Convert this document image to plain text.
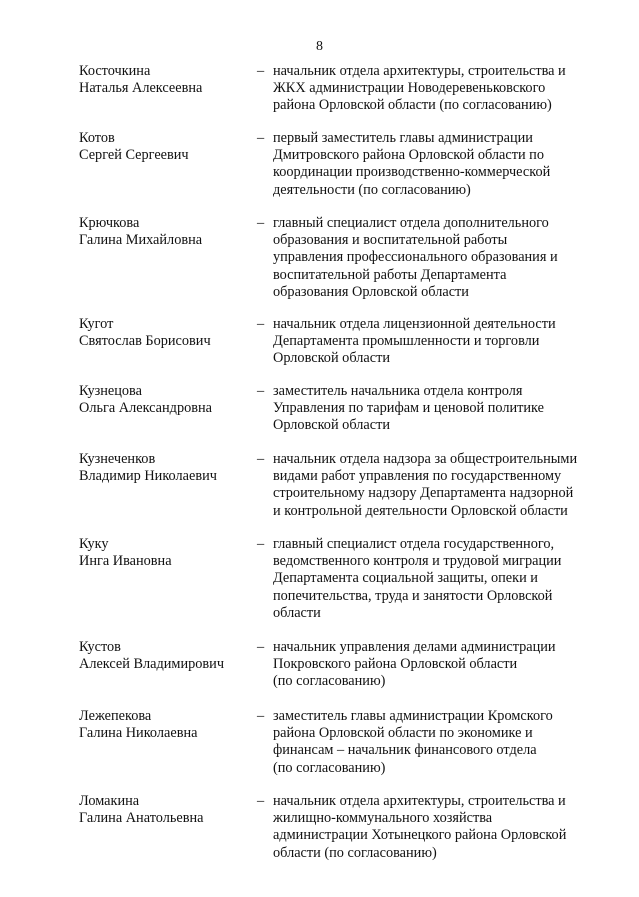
8
Косточкина
Наталья Алексеевна
– начальник отдела архитектуры, строительства и
ЖКХ администрации Новодеревеньковского
района Орловской области (по согласованию)
Котов
Сергей Сергеевич
– первый заместитель главы администрации
Дмитровского района Орловской области по
координации производственно-коммерческой
деятельности (по согласованию)
Крючкова
Галина Михайловна
– главный специалист отдела дополнительного
образования и воспитательной работы
управления профессионального образования и
воспитательной работы Департамента
образования Орловской области
Кугот
Святослав Борисович
– начальник отдела лицензионной деятельности
Департамента промышленности и торговли
Орловской области
Кузнецова
Ольга Александровна
– заместитель начальника отдела контроля
Управления по тарифам и ценовой политике
Орловской области
Кузнеченков
Владимир Николаевич
– начальник отдела надзора за общестроительными
видами работ управления по государственному
строительному надзору Департамента надзорной
и контрольной деятельности Орловской области
Куку
Инга Ивановна
– главный специалист отдела государственного,
ведомственного контроля и трудовой миграции
Департамента социальной защиты, опеки и
попечительства, труда и занятости Орловской
области
Кустов
Алексей Владимирович
– начальник управления делами администрации
Покровского района Орловской области
(по согласованию)
Лежепекова
Галина Николаевна
– заместитель главы администрации Кромского
района Орловской области по экономике и
финансам – начальник финансового отдела
(по согласованию)
Ломакина
Галина Анатольевна
– начальник отдела архитектуры, строительства и
жилищно-коммунального хозяйства
администрации Хотынецкого района Орловской
области (по согласованию)
